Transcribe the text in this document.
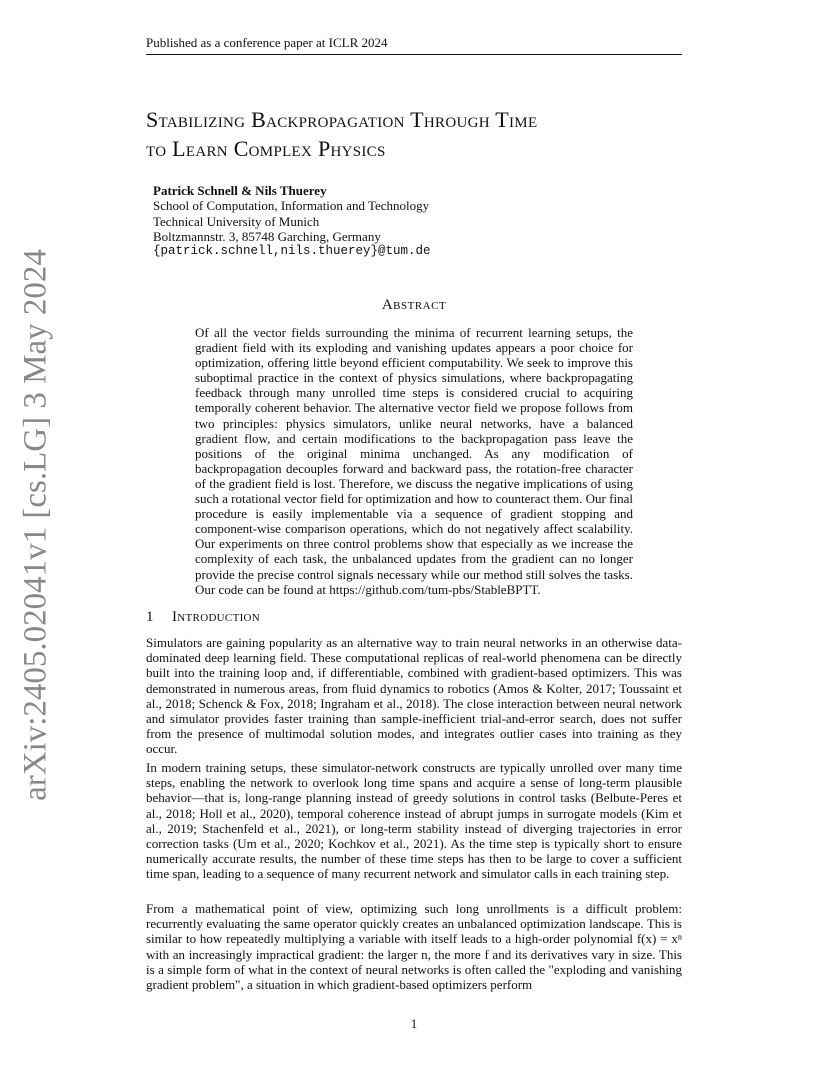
Published as a conference paper at ICLR 2024
arXiv:2405.02041v1 [cs.LG] 3 May 2024
Stabilizing Backpropagation Through Time
to Learn Complex Physics
Patrick Schnell & Nils Thuerey
School of Computation, Information and Technology
Technical University of Munich
Boltzmannstr. 3, 85748 Garching, Germany
{patrick.schnell,nils.thuerey}@tum.de
Abstract

Of all the vector fields surrounding the minima of recurrent learning setups, the gradient field with its exploding and vanishing updates appears a poor choice for optimization, offering little beyond efficient computability. We seek to improve this suboptimal practice in the context of physics simulations, where backpropagating feedback through many unrolled time steps is considered crucial to acquiring temporally coherent behavior. The alternative vector field we propose follows from two principles: physics simulators, unlike neural networks, have a balanced gradient flow, and certain modifications to the backpropagation pass leave the positions of the original minima unchanged. As any modification of backpropagation decouples forward and backward pass, the rotation-free character of the gradient field is lost. Therefore, we discuss the negative implications of using such a rotational vector field for optimization and how to counteract them. Our final procedure is easily implementable via a sequence of gradient stopping and component-wise comparison operations, which do not negatively affect scalability. Our experiments on three control problems show that especially as we increase the complexity of each task, the unbalanced updates from the gradient can no longer provide the precise control signals necessary while our method still solves the tasks. Our code can be found at https://github.com/tum-pbs/StableBPTT.

1 Introduction

Simulators are gaining popularity as an alternative way to train neural networks in an otherwise data-dominated deep learning field. These computational replicas of real-world phenomena can be directly built into the training loop and, if differentiable, combined with gradient-based optimizers. This was demonstrated in numerous areas, from fluid dynamics to robotics (Amos & Kolter, 2017; Toussaint et al., 2018; Schenck & Fox, 2018; Ingraham et al., 2018). The close interaction between neural network and simulator provides faster training than sample-inefficient trial-and-error search, does not suffer from the presence of multimodal solution modes, and integrates outlier cases into training as they occur.

In modern training setups, these simulator-network constructs are typically unrolled over many time steps, enabling the network to overlook long time spans and acquire a sense of long-term plausible behavior—that is, long-range planning instead of greedy solutions in control tasks (Belbute-Peres et al., 2018; Holl et al., 2020), temporal coherence instead of abrupt jumps in surrogate models (Kim et al., 2019; Stachenfeld et al., 2021), or long-term stability instead of diverging trajectories in error correction tasks (Um et al., 2020; Kochkov et al., 2021). As the time step is typically short to ensure numerically accurate results, the number of these time steps has then to be large to cover a sufficient time span, leading to a sequence of many recurrent network and simulator calls in each training step.

From a mathematical point of view, optimizing such long unrollments is a difficult problem: recurrently evaluating the same operator quickly creates an unbalanced optimization landscape. This is similar to how repeatedly multiplying a variable with itself leads to a high-order polynomial f(x) = xⁿ with an increasingly impractical gradient: the larger n, the more f and its derivatives vary in size. This is a simple form of what in the context of neural networks is often called the "exploding and vanishing gradient problem", a situation in which gradient-based optimizers perform

1
